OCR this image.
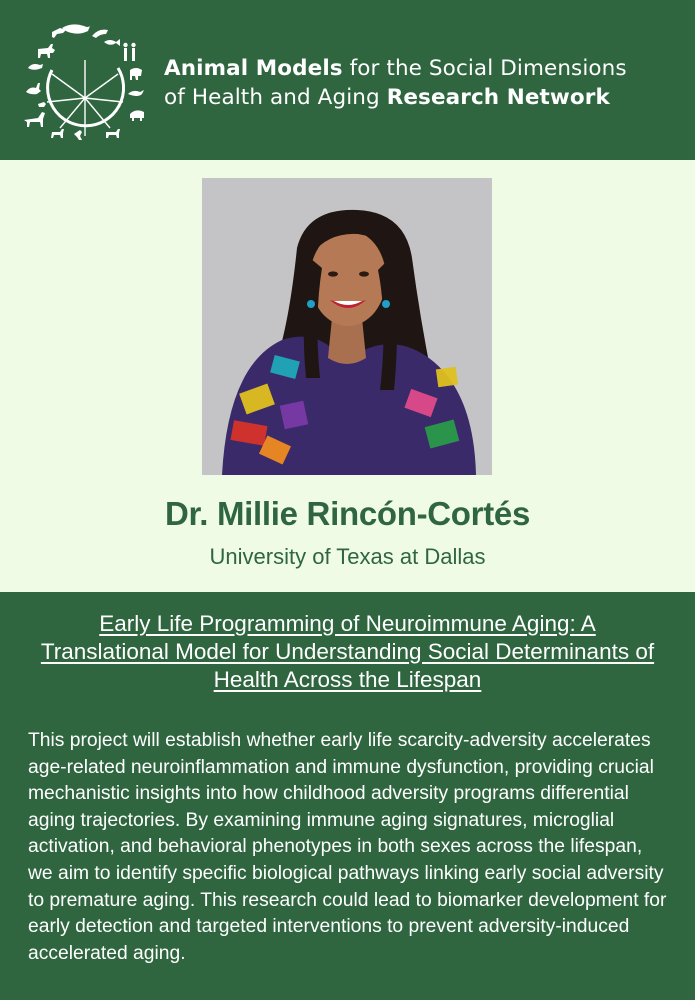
Animal Models for the Social Dimensions
of Health and Aging Research Network
Dr. Millie Rincón-Cortés
University of Texas at Dallas
Early Life Programming of Neuroimmune Aging: A Translational Model for Understanding Social Determinants of Health Across the Lifespan
This project will establish whether early life scarcity-adversity accelerates age-related neuroinflammation and immune dysfunction, providing crucial mechanistic insights into how childhood adversity programs differential aging trajectories. By examining immune aging signatures, microglial activation, and behavioral phenotypes in both sexes across the lifespan, we aim to identify specific biological pathways linking early social adversity to premature aging. This research could lead to biomarker development for early detection and targeted interventions to prevent adversity-induced accelerated aging.
